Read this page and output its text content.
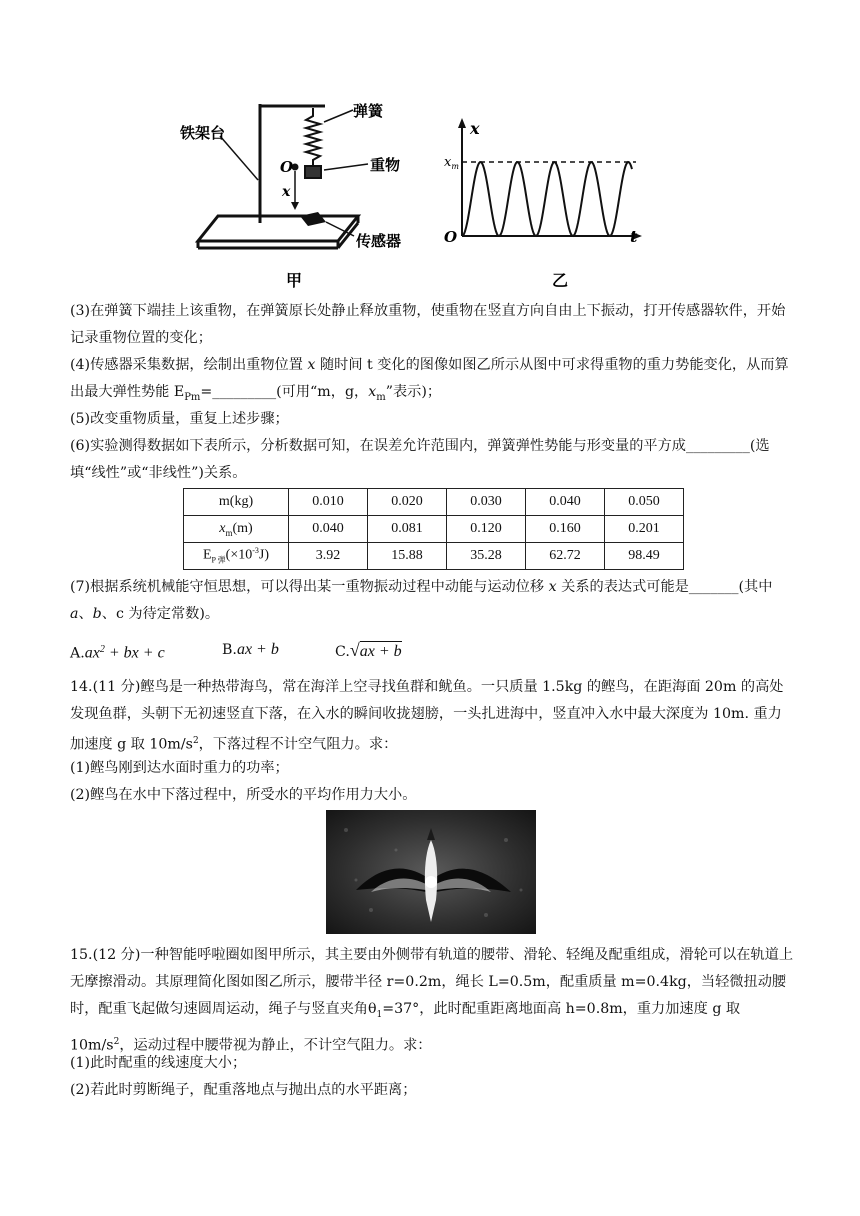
铁架台
弹簧
重物
传感器
O
x
甲
x
t
O
$x_m$
乙
(3)在弹簧下端挂上该重物，在弹簧原长处静止释放重物，使重物在竖直方向自由上下振动，打开传感器软件，开始记录重物位置的变化；
(4)传感器采集数据，绘制出重物位置 x 随时间 t 变化的图像如图乙所示从图中可求得重物的重力势能变化，从而算出最大弹性势能 $E_{Pm}=\_\_\_\_\_\_\_\_\_$(可用“m，g，$x_m$”表示)；
(5)改变重物质量，重复上述步骤；
(6)实验测得数据如下表所示，分析数据可知，在误差允许范围内，弹簧弹性势能与形变量的平方成_________(选填“线性”或“非线性”)关系。
m(kg)	0.010	0.020	0.030	0.040	0.050
$x_m(m)$	0.040	0.081	0.120	0.160	0.201
$E_{P 弹}(\times 10^{-3}J)$	3.92	15.88	35.28	62.72	98.49
(7)根据系统机械能守恒思想，可以得出某一重物振动过程中动能与运动位移 x 关系的表达式可能是_______(其中 a、b、c 为待定常数)。
$A.ax^2$ + bx + c	B.ax + b	C.√ax + b
14.(11 分)鲣鸟是一种热带海鸟，常在海洋上空寻找鱼群和鱿鱼。一只质量 1.5kg 的鲣鸟，在距海面 20m 的高处发现鱼群，头朝下无初速竖直下落，在入水的瞬间收拢翅膀，一头扎进海中，竖直冲入水中最大深度为 10m. 重力加速度 g 取 $10m/s^2$，下落过程不计空气阻力。求：
(1)鲣鸟刚到达水面时重力的功率；
(2)鲣鸟在水中下落过程中，所受水的平均作用力大小。
15.(12 分)一种智能呼啦圈如图甲所示，其主要由外侧带有轨道的腰带、滑轮、轻绳及配重组成，滑轮可以在轨道上无摩擦滑动。其原理简化图如图乙所示，腰带半径 r=0.2m，绳长 L=0.5m，配重质量 m=0.4kg，当轻微扭动腰时，配重飞起做匀速圆周运动，绳子与竖直夹角$\theta_1=37^\circ$，此时配重距离地面高 h=0.8m，重力加速度 g 取 $10m/s^2$，运动过程中腰带视为静止，不计空气阻力。求：
(1)此时配重的线速度大小；
(2)若此时剪断绳子，配重落地点与抛出点的水平距离；
